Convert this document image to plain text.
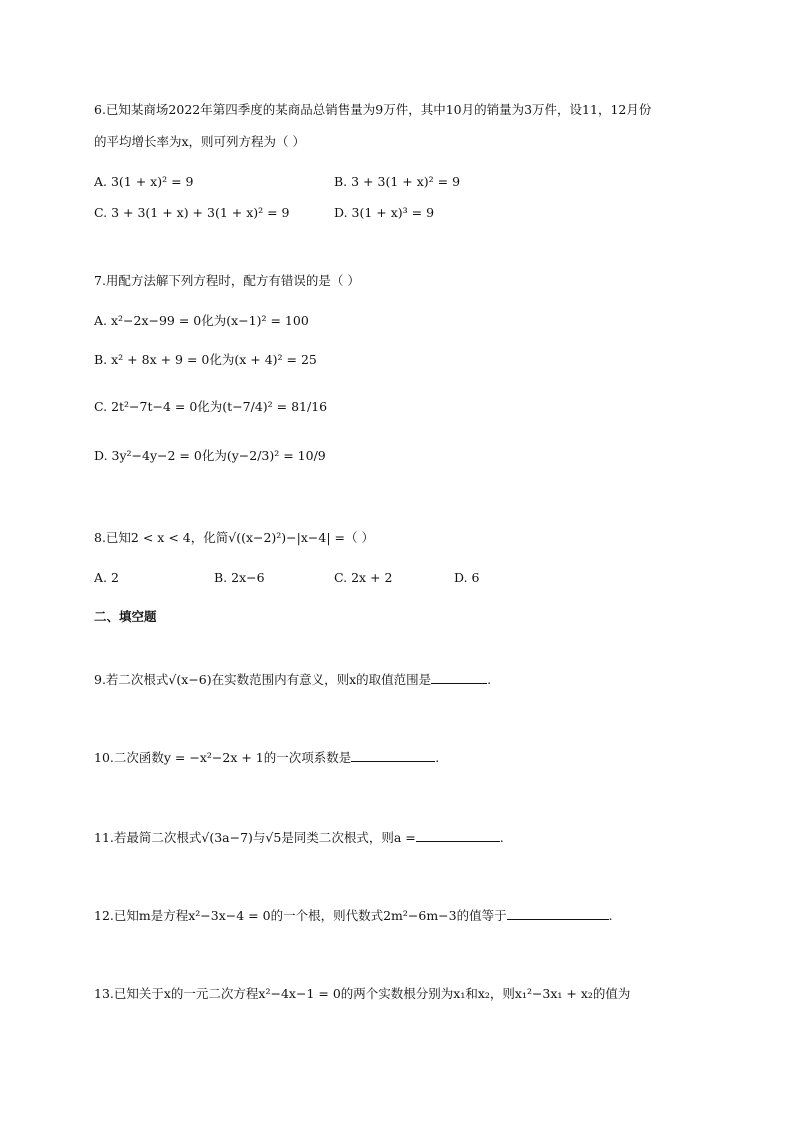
6.已知某商场2022年第四季度的某商品总销售量为9万件，其中10月的销量为3万件，设11，12月份
的平均增长率为x，则可列方程为（ ）
A. 3(1 + x)² = 9	B. 3 + 3(1 + x)² = 9
C. 3 + 3(1 + x) + 3(1 + x)² = 9	D. 3(1 + x)³ = 9
7.用配方法解下列方程时，配方有错误的是（ ）
A. x²−2x−99 = 0化为(x−1)² = 100
B. x² + 8x + 9 = 0化为(x + 4)² = 25
C. 2t²−7t−4 = 0化为(t−7/4)² = 81/16
D. 3y²−4y−2 = 0化为(y−2/3)² = 10/9
8.已知2 < x < 4，化简√((x−2)²)−|x−4| =（ ）
A. 2	B. 2x−6	C. 2x + 2	D. 6
二、填空题
9.若二次根式√(x−6)在实数范围内有意义，则x的取值范围是	.
10.二次函数y = −x²−2x + 1的一次项系数是	.
11.若最简二次根式√(3a−7)与√5是同类二次根式，则a =	.
12.已知m是方程x²−3x−4 = 0的一个根，则代数式2m²−6m−3的值等于	.
13.已知关于x的一元二次方程x²−4x−1 = 0的两个实数根分别为x₁和x₂，则x₁²−3x₁ + x₂的值为
